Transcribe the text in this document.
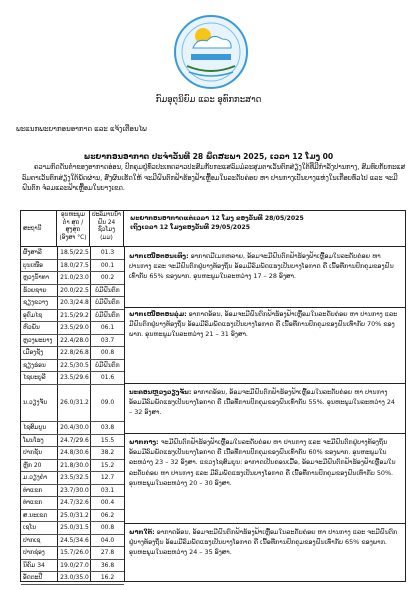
ກົມອຸຕຸນິຍົມ ແລະ ອຸທົກກະສາດ
ພະແນກພະຍາກອນອາກາດ ແລະ ແຈ້ງເຕືອນໄພ
ພະຍາກອນອາກາດ ປະຈຳວັນທີ 28 ພຶດສະພາ 2025, ເວລາ 12 ໂມງ 00
ຄວາມກົດດັນຕ່ຳຂອງອາກາດອ່ອນ, ປົກຄຸມຢູ່ທົ່ວປະເທດລາວປະສົມກັບກະແສລົມມໍລະສຸມຕາເວັນຕົກສ່ຽງໃຕ້ທີ່ມີກຳລັງປານກາງ, ສົມທົບກັບກະແສລົມຕາເວັນຕົກສ່ຽງໃຕ້ພັດຜ່ານ, ສົ່ງຜົນເຮັດໃຫ້ ຈະມີຝົນຕົກຟ້າຮ້ອງຟ້າເຫຼື້ອມໃນລະດັບຄ່ອຍ ຫາ ປານກາງເປັນບາງແຫ່ງໃນເກືອບທົ່ວໄປ ແລະ ຈະມີຝົນຕົກ ຈໍ່ລມແລະຟ້າເຫຼື້ອມໃນບາງເຂດ.
ສະຖານີ
ອຸນຫະພູມ ຕ່ຳ ສຸດ / ສູງສຸດ (ອົງສາ °C)
ປະລິມານນ້ຳຝົນ 24 ຊົ່ວໂມງ (ມມ)
ພະຍາກອນອາກາດແຕ່ເວລາ 12 ໂມງ ຂອງວັນທີ 28/05/2025
ເຖິງເວລາ 12 ໂມງຂອງວັນທີ 29/05/2025
ຜົ້ງສາລີ	18.5/22.5	01.3
ບຸນເໜືອ	18.0/27.5	00.1
ຫຼວງນ້ຳທາ 21.0/23.0	00.2
ຮ້ວຍຊາຍ 20.0/22.5	ບໍ່ມີຝົນຕົກ
ຊຽງຂວາງ 20.3/24.8	ບໍ່ມີຝົນຕົກ
ອຸດົມໄຊ	21.5/29.2	ບໍ່ມີຝົນຕົກ
ຫົວພັນ	23.5/29.0	06.1
ຫຼວງພະບາງ 22.4/28.0	03.7
ເມືອງຊັງ	22.8/26.8	00.8
ຊຽງຮ່ອນ 22.5/30.5	ບໍ່ມີຝົນຕົກ
ໄຊຍະບູລີ 23.5/29.6	01.6
ນ.ວຽງຈັນ 26.0/31.2	09.0
ໄຊສົມບູນ 20.4/30.0	03.8
ໂພນໂຮງ	24.7/29.6	15.5
ປາກຊັນ	24.8/30.6	38.2
ຫຼັກ 20	21.8/30.0	15.2
ມ.ວຽງຄຳ 23.5/32.5	12.7
ທ່າແຂກ	23.7/30.0	03.1
ທ່າແຂກ	24.7/32.6	00.4
ສ.ນະເຂດ 25.0/31.2	06.2
ເຊໂນ	25.0/31.5	00.8
ປາກເຊ	24.5/34.6	04.0
ປາກຊ່ອງ	15.7/26.0	27.8
ນິຄົມ 34	19.0/27.0	36.8
ອັດຕະປື	23.0/35.0	16.2
ພາກເໜືອຕອນເທິງ: ອາກາດມີເມກຫລາຍ, ອ້ອມຈະມີຝົນຕົກຟ້າຮ້ອງຟ້າເຫຼື້ອມໃນລະດັບຄ່ອຍ ຫາ ປານກາງ ແລະ ຈະມີຝົນຕົກຢູ່ບາງທ້ອງຖິ່ນ ອ້ອມມີລົມພັດແຮງເປັນບາງໂອກາດ ຄື ເນື້ອທີ່ການປົກຄຸມຂອງຝົນເທົ່າກັບ 65% ຂອງພາກ. ອຸນຫະພູມໃນລະຫວ່າງ 17 – 28 ອົງສາ.
ພາກເໜືອຕອນລຸ່ມ: ອາກາດອ້ອນ, ອ້ອມຈະມີຝົນຕົກຟ້າຮ້ອງຟ້າເຫຼື້ອມໃນລະດັບຄ່ອຍ ຫາ ປານກາງ ແລະ ມີຝົນຕົກຢູ່ບາງທ້ອງຖິ່ນ ອ້ອມມີລົມພັດແຮງເປັນບາງໂອກາດ ຄື ເນື້ອທີ່ການປົກຄຸມຂອງຝົນເທົ່າກັບ 70% ຂອງພາກ. ອຸນຫະພູມໃນລະຫວ່າງ 21 – 31 ອົງສາ.
ນະຄອນຫຼວງວຽງຈັນ: ອາກາດອ້ອນ, ອ້ອມຈະມີຝົນຕົກຟ້າຮ້ອງຟ້າເຫຼື້ອມໃນລະດັບຄ່ອຍ ຫາ ປານກາງ ອ້ອມມີລົມພັດແຮງເປັນບາງໂອກາດ ຄື ເນື້ອທີ່ການປົກຄຸມຂອງຝົນເທົ່າກັບ 55%. ອຸນຫະພູມໃນລະຫວ່າງ 24 – 32 ອົງສາ.
ພາກກາງ: ຈະມີຝົນຕົກຟ້າຮ້ອງຟ້າເຫຼື້ອມໃນລະດັບຄ່ອຍ ຫາ ປານກາງ ແລະ ຈະມີຝົນຕົກຢູ່ບາງທ້ອງຖິ່ນ ອ້ອມມີລົມພັດແຮງເປັນບາງໂອກາດ ຄື ເນື້ອທີ່ການປົກຄຸມຂອງຝົນເທົ່າກັບ 60% ຂອງພາກ. ອຸນຫະພູມໃນລະຫວ່າງ 23 – 32 ອົງສາ. ແຂວງໄຊສົມບູນ: ອາກາດເປັນຄອນເມື້ອ, ອ້ອມຈະມີຝົນຕົກຟ້າຮ້ອງຟ້າເຫຼື້ອມໃນລະດັບຄ່ອຍ ຫາ ປານກາງ ແລະ ມີລົມພັດແຮງເປັນບາງໂອກາດ ຄື ເນື້ອທີ່ການປົກຄຸມຂອງຝົນເທົ່າກັບ 50%. ອຸນຫະພູມໃນລະຫວ່າງ 20 – 30 ອົງສາ.
ພາກໃຕ້: ອາກາດອ້ອນ, ອ້ອມຈະມີຝົນຕົກຟ້າຮ້ອງຟ້າເຫຼື້ອມໃນລະດັບຄ່ອຍ ຫາ ປານກາງ ແລະ ຈະມີຝົນຕົກຢູ່ບາງທ້ອງຖິ່ນ ອ້ອມມີລົມພັດແຮງເປັນບາງໂອກາດ ຄື ເນື້ອທີ່ການປົກຄຸມຂອງຝົນເທົ່າກັບ 65% ຂອງພາກ. ອຸນຫະພູມໃນລະຫວ່າງ 24 – 35 ອົງສາ.
